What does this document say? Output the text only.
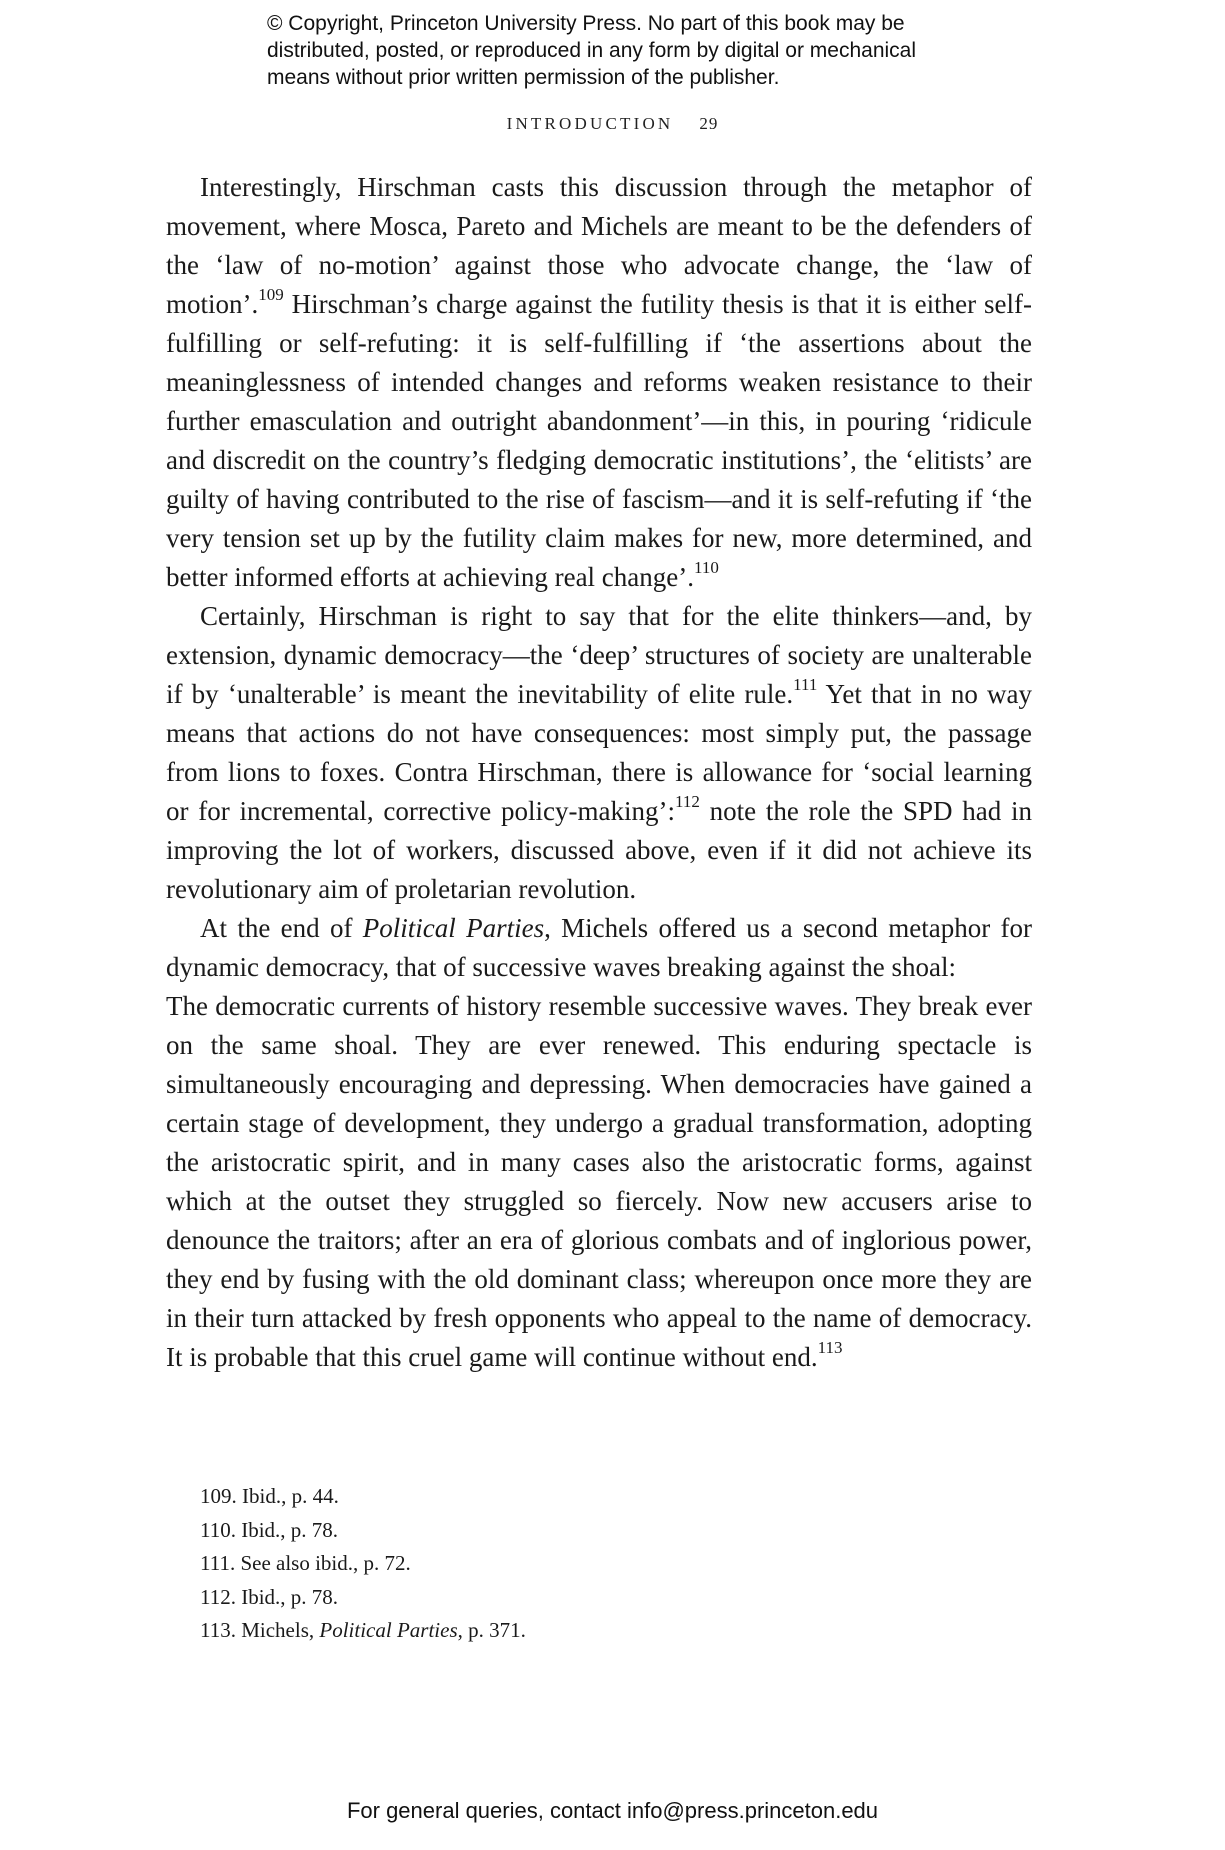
© Copyright, Princeton University Press. No part of this book may be
distributed, posted, or reproduced in any form by digital or mechanical
means without prior written permission of the publisher.
INTRODUCTION 29

Interestingly, Hirschman casts this discussion through the metaphor of movement, where Mosca, Pareto and Michels are meant to be the defenders of the ‘law of no-motion’ against those who advocate change, the ‘law of motion’.$^{109}$ Hirschman’s charge against the futility thesis is that it is either self-fulfilling or self-refuting: it is self-fulfilling if ‘the assertions about the meaninglessness of intended changes and reforms weaken resistance to their further emasculation and outright abandonment’—in this, in pouring ‘ridicule and discredit on the country’s fledging democratic institutions’, the ‘elitists’ are guilty of having contributed to the rise of fascism—and it is self-refuting if ‘the very tension set up by the futility claim makes for new, more determined, and better informed efforts at achieving real change’.$^{110}$

Certainly, Hirschman is right to say that for the elite thinkers—and, by extension, dynamic democracy—the ‘deep’ structures of society are unalterable if by ‘unalterable’ is meant the inevitability of elite rule.$^{111}$ Yet that in no way means that actions do not have consequences: most simply put, the passage from lions to foxes. Contra Hirschman, there is allowance for ‘social learning or for incremental, corrective policy-making’:$^{112}$ note the role the SPD had in improving the lot of workers, discussed above, even if it did not achieve its revolutionary aim of proletarian revolution.

At the end of Political Parties, Michels offered us a second metaphor for dynamic democracy, that of successive waves breaking against the shoal:

The democratic currents of history resemble successive waves. They break ever on the same shoal. They are ever renewed. This enduring spectacle is simultaneously encouraging and depressing. When democracies have gained a certain stage of development, they undergo a gradual transformation, adopting the aristocratic spirit, and in many cases also the aristocratic forms, against which at the outset they struggled so fiercely. Now new accusers arise to denounce the traitors; after an era of glorious combats and of inglorious power, they end by fusing with the old dominant class; whereupon once more they are in their turn attacked by fresh opponents who appeal to the name of democracy. It is probable that this cruel game will continue without end.$^{113}$

109. Ibid., p. 44.
110. Ibid., p. 78.
111. See also ibid., p. 72.
112. Ibid., p. 78.
113. Michels, Political Parties, p. 371.
For general queries, contact info@press.princeton.edu
